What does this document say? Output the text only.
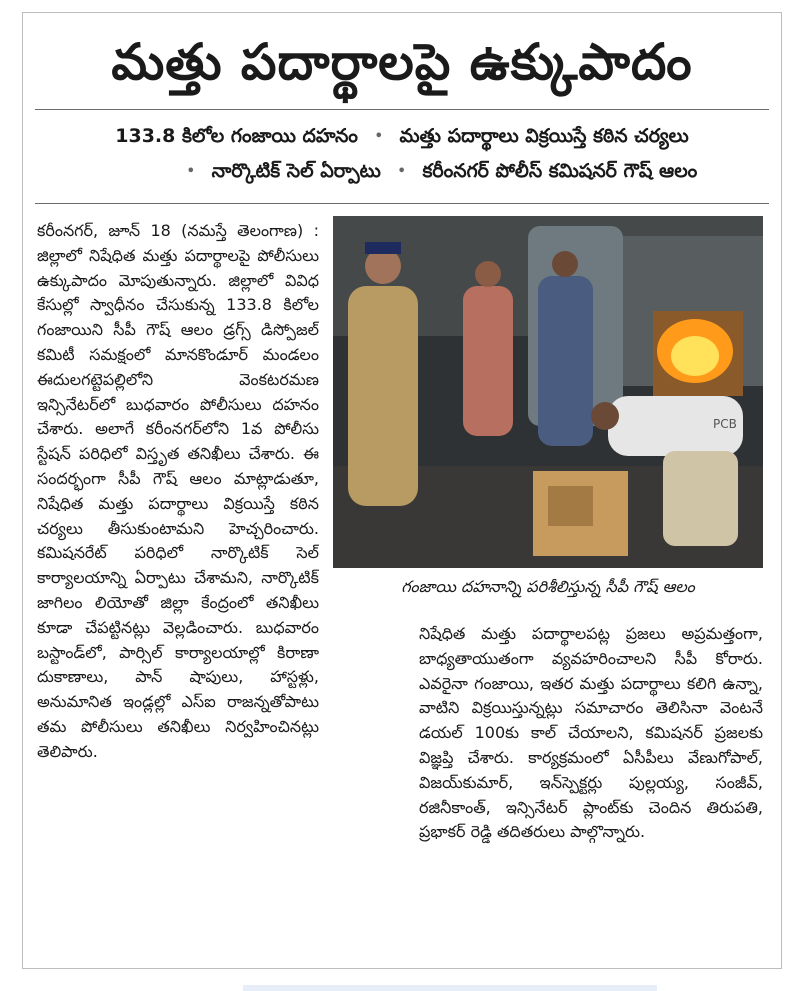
మత్తు పదార్థాలపై ఉక్కుపాదం
133.8 కిలోల గంజాయి దహనం • మత్తు పదార్థాలు విక్రయిస్తే కఠిన చర్యలు
• నార్కొటిక్ సెల్ ఏర్పాటు • కరీంనగర్ పోలీస్ కమిషనర్ గౌష్ ఆలం

కరీంనగర్, జూన్ 18 (నమస్తే తెలంగాణ) : జిల్లాలో నిషేధిత మత్తు పదార్థాలపై పోలీసులు ఉక్కుపాదం మోపుతున్నారు. జిల్లాలో వివిధ కేసుల్లో స్వాధీనం చేసుకున్న 133.8 కిలోల గంజాయిని సీపీ గౌష్ ఆలం డ్రగ్స్ డిస్పోజల్ కమిటీ సమక్షంలో మానకొండూర్ మండలం ఈదులగట్టెపల్లిలోని వెంకటరమణ ఇన్సినేటర్‌లో బుధవారం పోలీసులు దహనం చేశారు. అలాగే కరీంనగర్‌లోని 1వ పోలీసు స్టేషన్ పరిధిలో విస్తృత తనిఖీలు చేశారు. ఈ సందర్భంగా సీపీ గౌష్ ఆలం మాట్లాడుతూ, నిషేధిత మత్తు పదార్థాలు విక్రయిస్తే కఠిన చర్యలు తీసుకుంటామని హెచ్చరించారు. కమిషనరేట్ పరిధిలో నార్కొటిక్ సెల్ కార్యాలయాన్ని ఏర్పాటు చేశామని, నార్కొటిక్ జాగిలం లియోతో జిల్లా కేంద్రంలో తనిఖీలు కూడా చేపట్టినట్లు వెల్లడించారు. బుధవారం బస్టాండ్‌లో, పార్సిల్ కార్యాలయాల్లో కిరాణా దుకాణాలు, పాన్ షాపులు, హాస్టళ్లు, అనుమానిత ఇండ్లల్లో ఎస్‌ఐ రాజన్నతోపాటు తమ పోలీసులు తనిఖీలు నిర్వహించినట్లు తెలిపారు.

PCB
గంజాయి దహనాన్ని పరిశీలిస్తున్న సీపీ గౌష్ ఆలం

నిషేధిత మత్తు పదార్థాలపట్ల ప్రజలు అప్రమత్తంగా, బాధ్యతాయుతంగా వ్యవహరించాలని సీపీ కోరారు. ఎవరైనా గంజాయి, ఇతర మత్తు పదార్థాలు కలిగి ఉన్నా, వాటిని విక్రయిస్తున్నట్లు సమాచారం తెలిసినా వెంటనే డయల్ 100కు కాల్ చేయాలని, కమిషనర్ ప్రజలకు విజ్ఞప్తి చేశారు. కార్యక్రమంలో ఏసీపీలు వేణుగోపాల్, విజయ్‌కుమార్, ఇన్‌స్పెక్టర్లు పుల్లయ్య, సంజీవ్, రజినీకాంత్, ఇన్సినేటర్ ప్లాంట్‌కు చెందిన తిరుపతి, ప్రభాకర్ రెడ్డి తదితరులు పాల్గొన్నారు.
